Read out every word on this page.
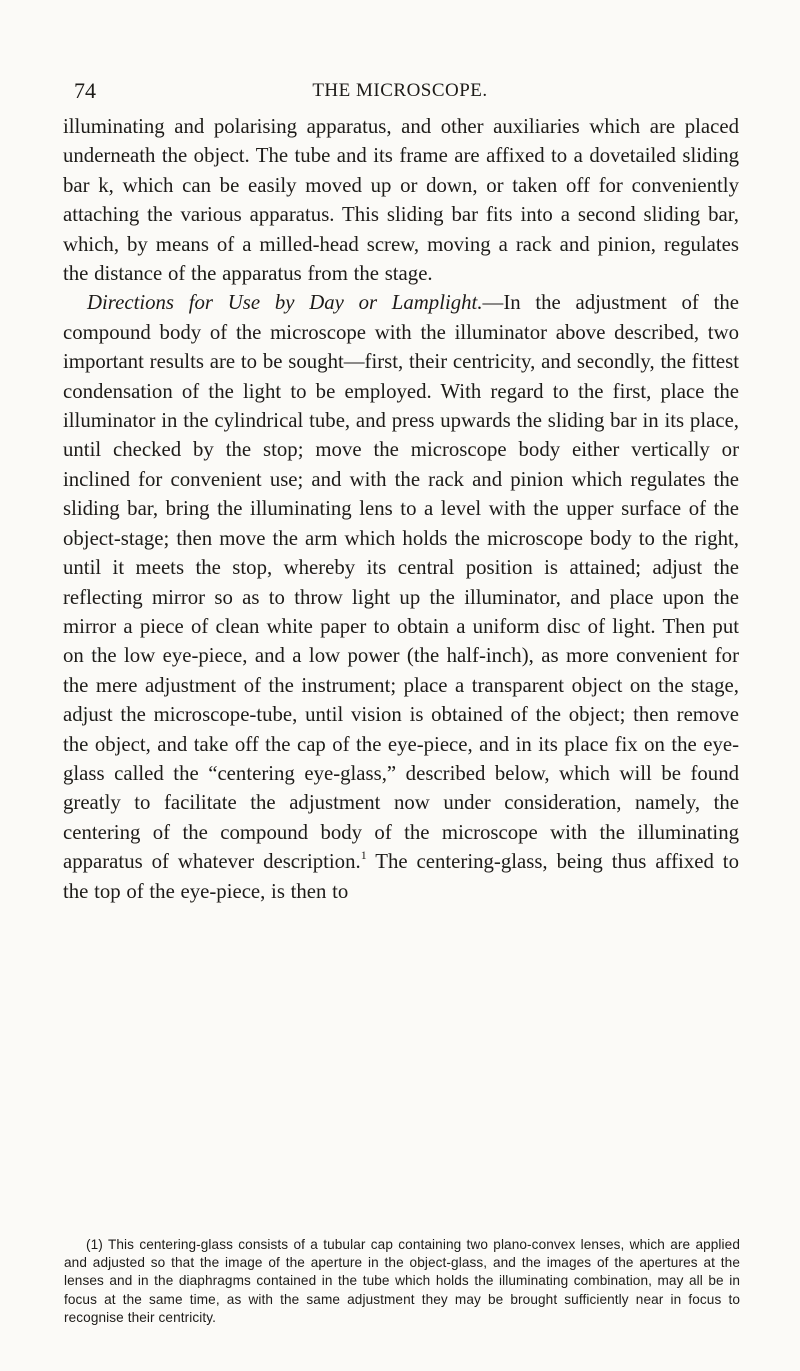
74	THE MICROSCOPE.

illuminating and polarising apparatus, and other auxiliaries which are placed underneath the object. The tube and its frame are affixed to a dovetailed sliding bar k, which can be easily moved up or down, or taken off for conveniently attaching the various apparatus. This sliding bar fits into a second sliding bar, which, by means of a milled-head screw, moving a rack and pinion, regulates the distance of the apparatus from the stage.

Directions for Use by Day or Lamplight.—In the adjustment of the compound body of the microscope with the illuminator above described, two important results are to be sought—first, their centricity, and secondly, the fittest condensation of the light to be employed. With regard to the first, place the illuminator in the cylindrical tube, and press upwards the sliding bar in its place, until checked by the stop; move the microscope body either vertically or inclined for convenient use; and with the rack and pinion which regulates the sliding bar, bring the illuminating lens to a level with the upper surface of the object-stage; then move the arm which holds the microscope body to the right, until it meets the stop, whereby its central position is attained; adjust the reflecting mirror so as to throw light up the illuminator, and place upon the mirror a piece of clean white paper to obtain a uniform disc of light. Then put on the low eye-piece, and a low power (the half-inch), as more convenient for the mere adjustment of the instrument; place a transparent object on the stage, adjust the microscope-tube, until vision is obtained of the object; then remove the object, and take off the cap of the eye-piece, and in its place fix on the eye-glass called the “centering eye-glass,” described below, which will be found greatly to facilitate the adjustment now under consideration, namely, the centering of the compound body of the microscope with the illuminating apparatus of whatever description.$^1$ The centering-glass, being thus affixed to the top of the eye-piece, is then to

(1) This centering-glass consists of a tubular cap containing two plano-convex lenses, which are applied and adjusted so that the image of the aperture in the object-glass, and the images of the apertures at the lenses and in the diaphragms contained in the tube which holds the illuminating combination, may all be in focus at the same time, as with the same adjustment they may be brought sufficiently near in focus to recognise their centricity.
